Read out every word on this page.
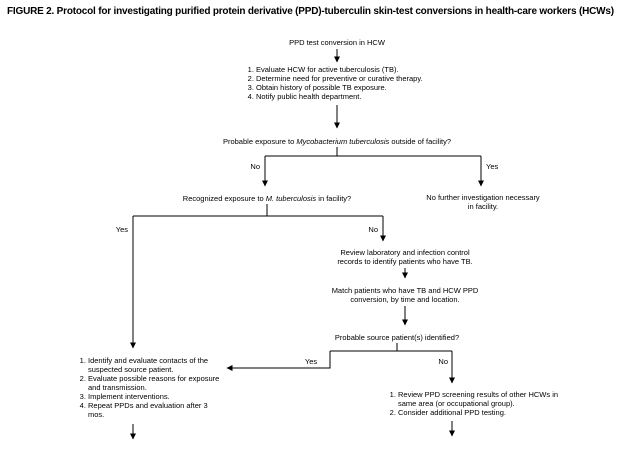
FIGURE 2. Protocol for investigating purified protein derivative (PPD)-tuberculin skin-test conversions in health-care workers (HCWs)
PPD test conversion in HCW
1. Evaluate HCW for active tuberculosis (TB).
2. Determine need for preventive or curative therapy.
3. Obtain history of possible TB exposure.
4. Notify public health department.
Probable exposure to Mycobacterium tuberculosis outside of facility?
No	Yes
No further investigation necessary in facility.
Recognized exposure to M. tuberculosis in facility?
Yes	No
Review laboratory and infection control records to identify patients who have TB.
Match patients who have TB and HCW PPD conversion, by time and location.
Probable source patient(s) identified?
Yes	No
1. Identify and evaluate contacts of the suspected source patient.
2. Evaluate possible reasons for exposure and transmission.
3. Implement interventions.
4. Repeat PPDs and evaluation after 3 mos.
1. Review PPD screening results of other HCWs in same area (or occupational group).
2. Consider additional PPD testing.
